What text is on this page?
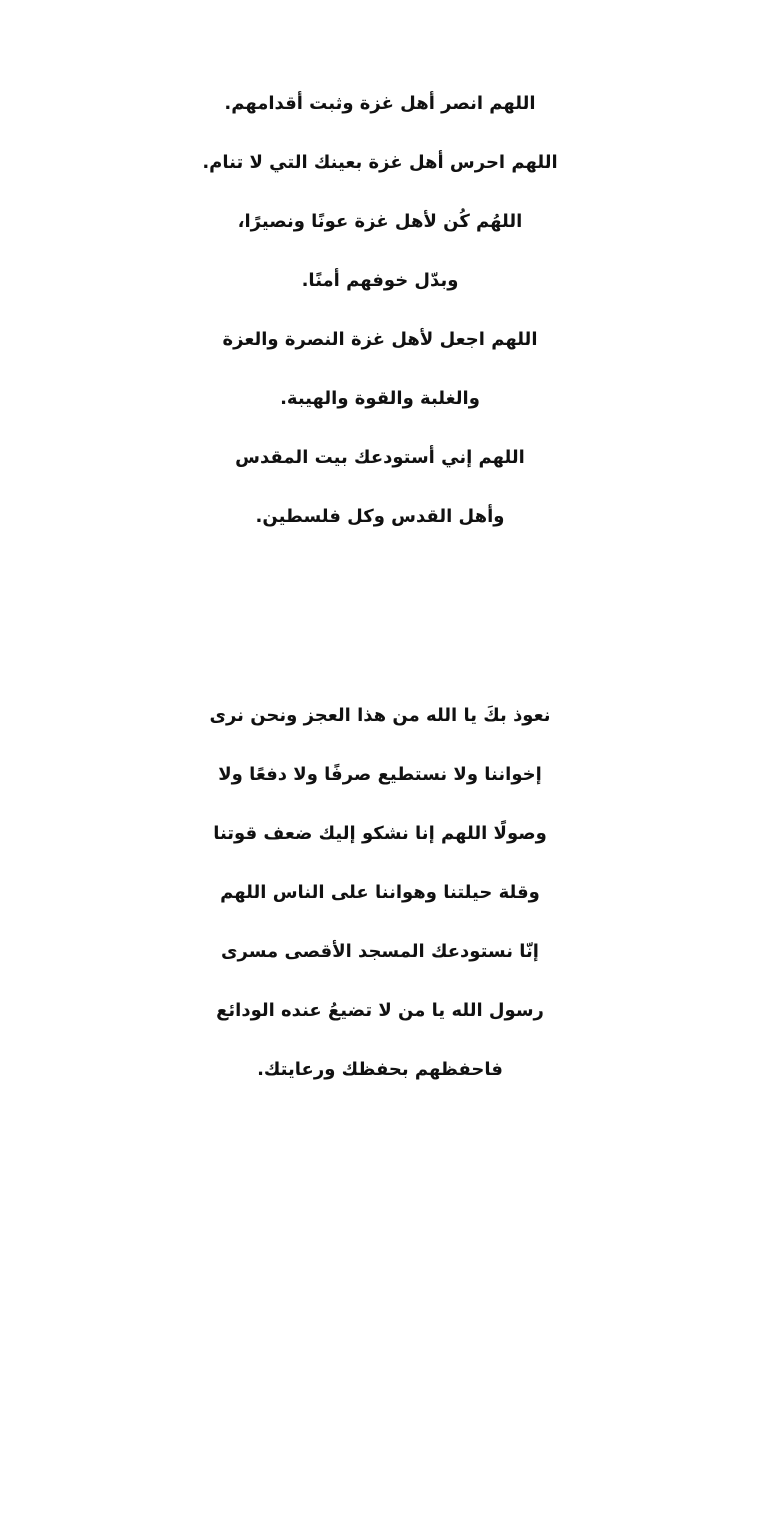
اللهم انصر أهل غزة وثبت أقدامهم.
اللهم احرس أهل غزة بعينك التي لا تنام.
اللهُم كُن لأهل غزة عونًا ونصيرًا،
وبدّل خوفهم أمنًا.
اللهم اجعل لأهل غزة النصرة والعزة
والغلبة والقوة والهيبة.
اللهم إني أستودعك بيت المقدس
وأهل القدس وكل فلسطين.
نعوذ بكَ يا الله من هذا العجز ونحن نرى
إخواننا ولا نستطيع صرفًا ولا دفعًا ولا
وصولًا اللهم إنا نشكو إليك ضعف قوتنا
وقلة حيلتنا وهواننا على الناس اللهم
إنّا نستودعك المسجد الأقصى مسرى
رسول الله يا من لا تضيعُ عنده الودائع
فاحفظهم بحفظك ورعايتك.
